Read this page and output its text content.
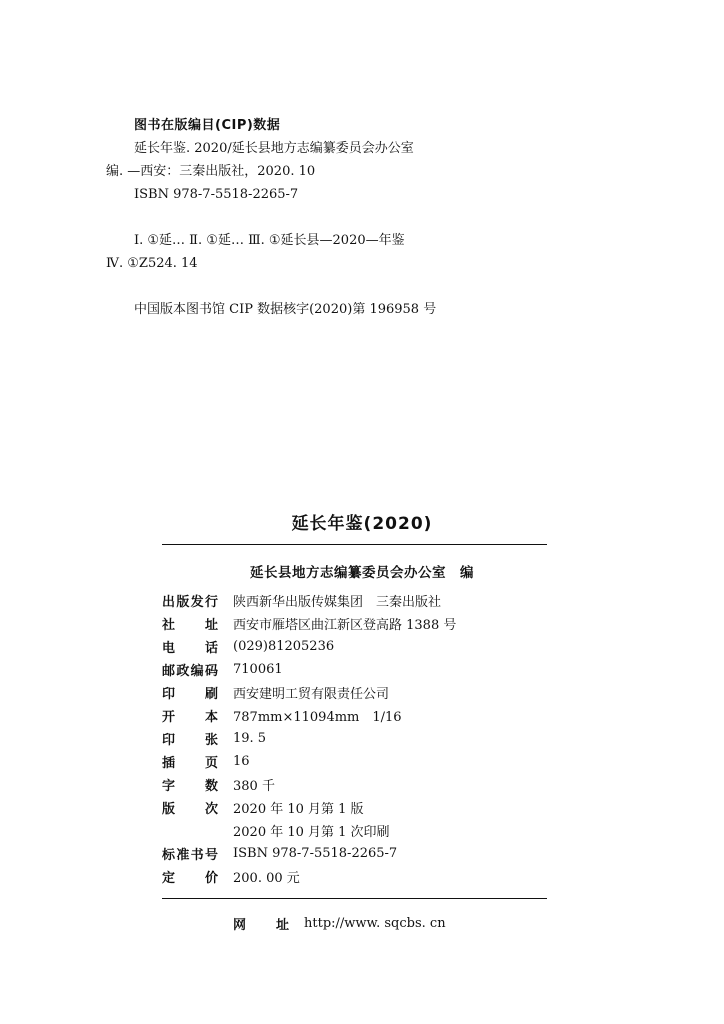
图书在版编目(CIP)数据
延长年鉴. 2020/延长县地方志编纂委员会办公室
编. —西安：三秦出版社，2020. 10
ISBN 978-7-5518-2265-7
Ⅰ. ①延… Ⅱ. ①延… Ⅲ. ①延长县—2020—年鉴
Ⅳ. ①Z524. 14
中国版本图书馆 CIP 数据核字(2020)第 196958 号
延长年鉴(2020)
延长县地方志编纂委员会办公室　编
出版发行 陕西新华出版传媒集团　三秦出版社
社　　址 西安市雁塔区曲江新区登高路 1388 号
电　　话 (029)81205236
邮政编码 710061
印　　刷 西安建明工贸有限责任公司
开　　本 787mm×11094mm　1/16
印　　张 19. 5
插　　页 16
字　　数 380 千
版　　次 2020 年 10 月第 1 版
2020 年 10 月第 1 次印刷
标准书号 ISBN 978-7-5518-2265-7
定　　价 200. 00 元
网　　址 http://www. sqcbs. cn
